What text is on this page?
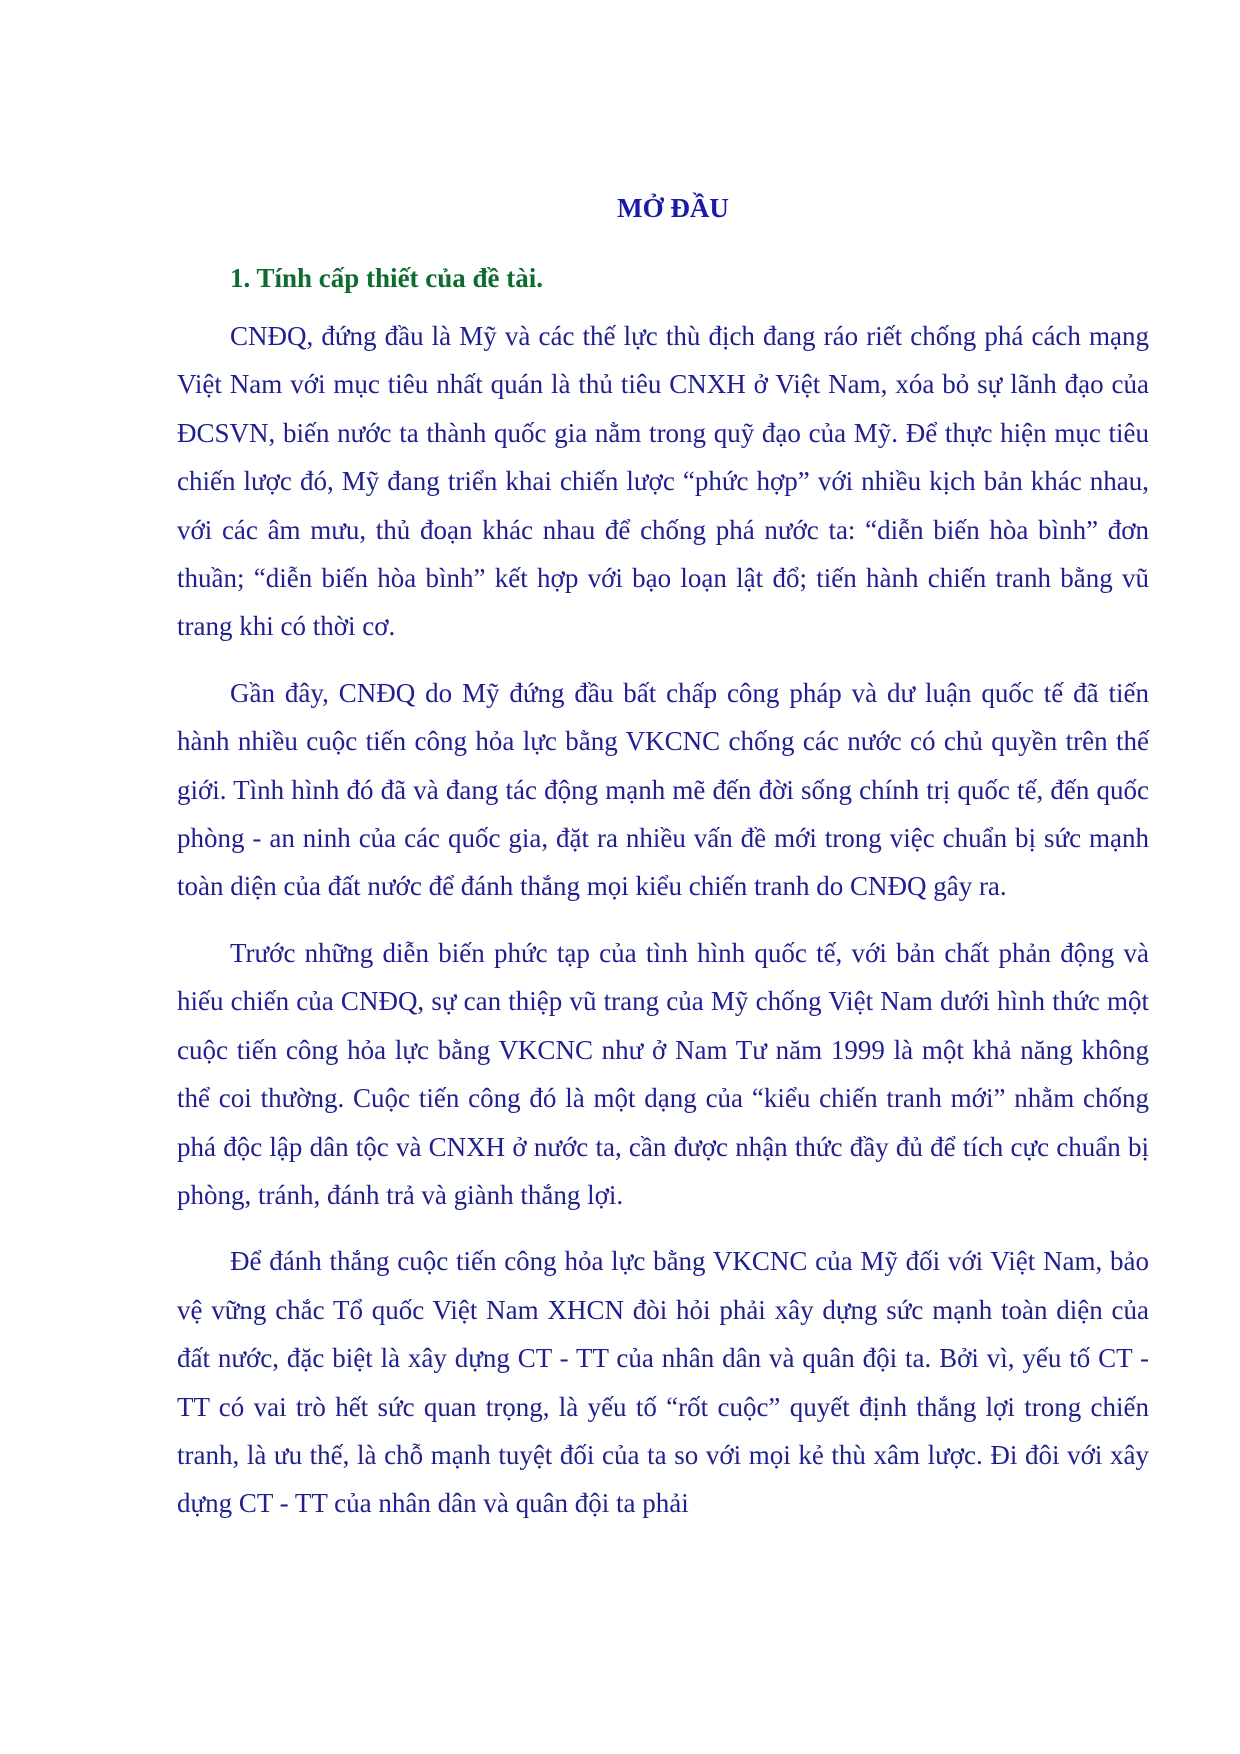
MỞ ĐẦU
1. Tính cấp thiết của đề tài.

CNĐQ, đứng đầu là Mỹ và các thế lực thù địch đang ráo riết chống phá cách mạng Việt Nam với mục tiêu nhất quán là thủ tiêu CNXH ở Việt Nam, xóa bỏ sự lãnh đạo của ĐCSVN, biến nước ta thành quốc gia nằm trong quỹ đạo của Mỹ. Để thực hiện mục tiêu chiến lược đó, Mỹ đang triển khai chiến lược “phức hợp” với nhiều kịch bản khác nhau, với các âm mưu, thủ đoạn khác nhau để chống phá nước ta: “diễn biến hòa bình” đơn thuần; “diễn biến hòa bình” kết hợp với bạo loạn lật đổ; tiến hành chiến tranh bằng vũ trang khi có thời cơ.

Gần đây, CNĐQ do Mỹ đứng đầu bất chấp công pháp và dư luận quốc tế đã tiến hành nhiều cuộc tiến công hỏa lực bằng VKCNC chống các nước có chủ quyền trên thế giới. Tình hình đó đã và đang tác động mạnh mẽ đến đời sống chính trị quốc tế, đến quốc phòng - an ninh của các quốc gia, đặt ra nhiều vấn đề mới trong việc chuẩn bị sức mạnh toàn diện của đất nước để đánh thắng mọi kiểu chiến tranh do CNĐQ gây ra.

Trước những diễn biến phức tạp của tình hình quốc tế, với bản chất phản động và hiếu chiến của CNĐQ, sự can thiệp vũ trang của Mỹ chống Việt Nam dưới hình thức một cuộc tiến công hỏa lực bằng VKCNC như ở Nam Tư năm 1999 là một khả năng không thể coi thường. Cuộc tiến công đó là một dạng của “kiểu chiến tranh mới” nhằm chống phá độc lập dân tộc và CNXH ở nước ta, cần được nhận thức đầy đủ để tích cực chuẩn bị phòng, tránh, đánh trả và giành thắng lợi.

Để đánh thắng cuộc tiến công hỏa lực bằng VKCNC của Mỹ đối với Việt Nam, bảo vệ vững chắc Tổ quốc Việt Nam XHCN đòi hỏi phải xây dựng sức mạnh toàn diện của đất nước, đặc biệt là xây dựng CT - TT của nhân dân và quân đội ta. Bởi vì, yếu tố CT - TT có vai trò hết sức quan trọng, là yếu tố “rốt cuộc” quyết định thắng lợi trong chiến tranh, là ưu thế, là chỗ mạnh tuyệt đối của ta so với mọi kẻ thù xâm lược. Đi đôi với xây dựng CT - TT của nhân dân và quân đội ta phải
